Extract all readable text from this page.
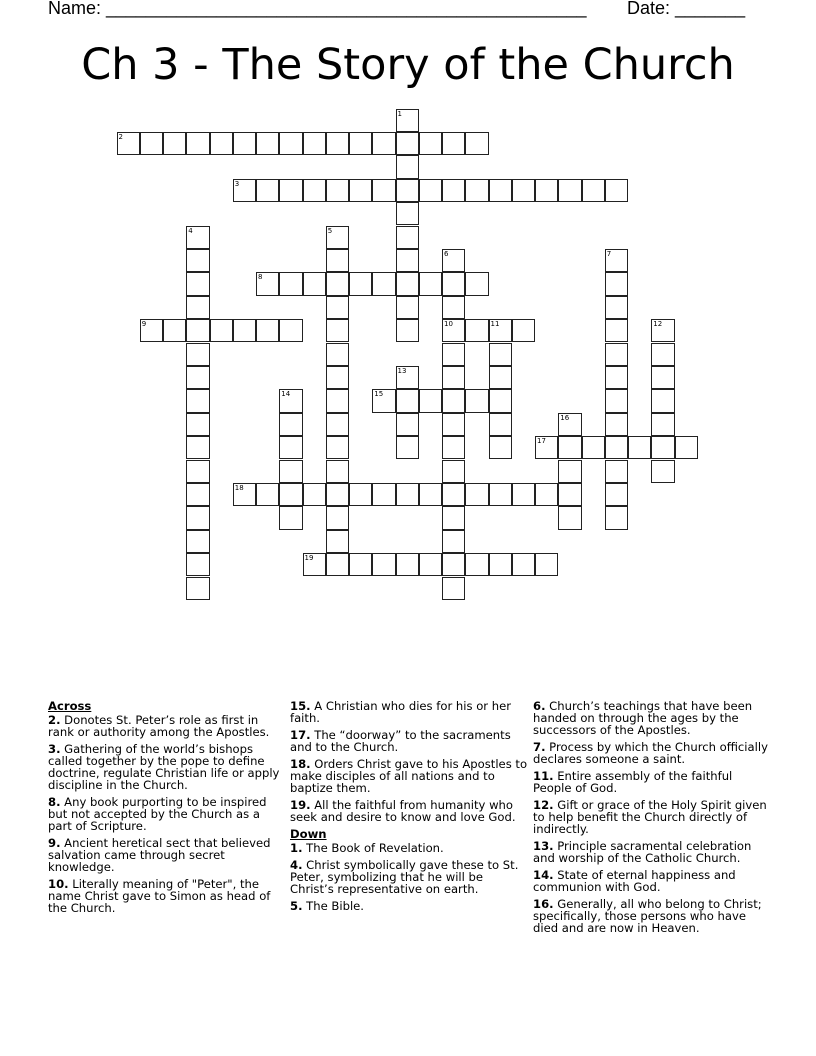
Name: ________________________________________________ Date: _______
Ch 3 - The Story of the Church
1
2
3
4	5
6
10
7
8
9	11	12
13
14	15
16
17
18
19
Across
2. Donotes St. Peter’s role as first in rank or authority among the Apostles.
3. Gathering of the world’s bishops called together by the pope to define doctrine, regulate Christian life or apply discipline in the Church.
8. Any book purporting to be inspired but not accepted by the Church as a part of Scripture.
9. Ancient heretical sect that believed salvation came through secret knowledge.
10. Literally meaning of "Peter", the name Christ gave to Simon as head of the Church.
15. A Christian who dies for his or her faith.
17. The “doorway” to the sacraments and to the Church.
18. Orders Christ gave to his Apostles to make disciples of all nations and to baptize them.
19. All the faithful from humanity who seek and desire to know and love God.
Down
1. The Book of Revelation.
4. Christ symbolically gave these to St. Peter, symbolizing that he will be Christ’s representative on earth.
5. The Bible.
6. Church’s teachings that have been handed on through the ages by the successors of the Apostles.
7. Process by which the Church officially declares someone a saint.
11. Entire assembly of the faithful People of God.
12. Gift or grace of the Holy Spirit given to help benefit the Church directly of indirectly.
13. Principle sacramental celebration and worship of the Catholic Church.
14. State of eternal happiness and communion with God.
16. Generally, all who belong to Christ; specifically, those persons who have died and are now in Heaven.
